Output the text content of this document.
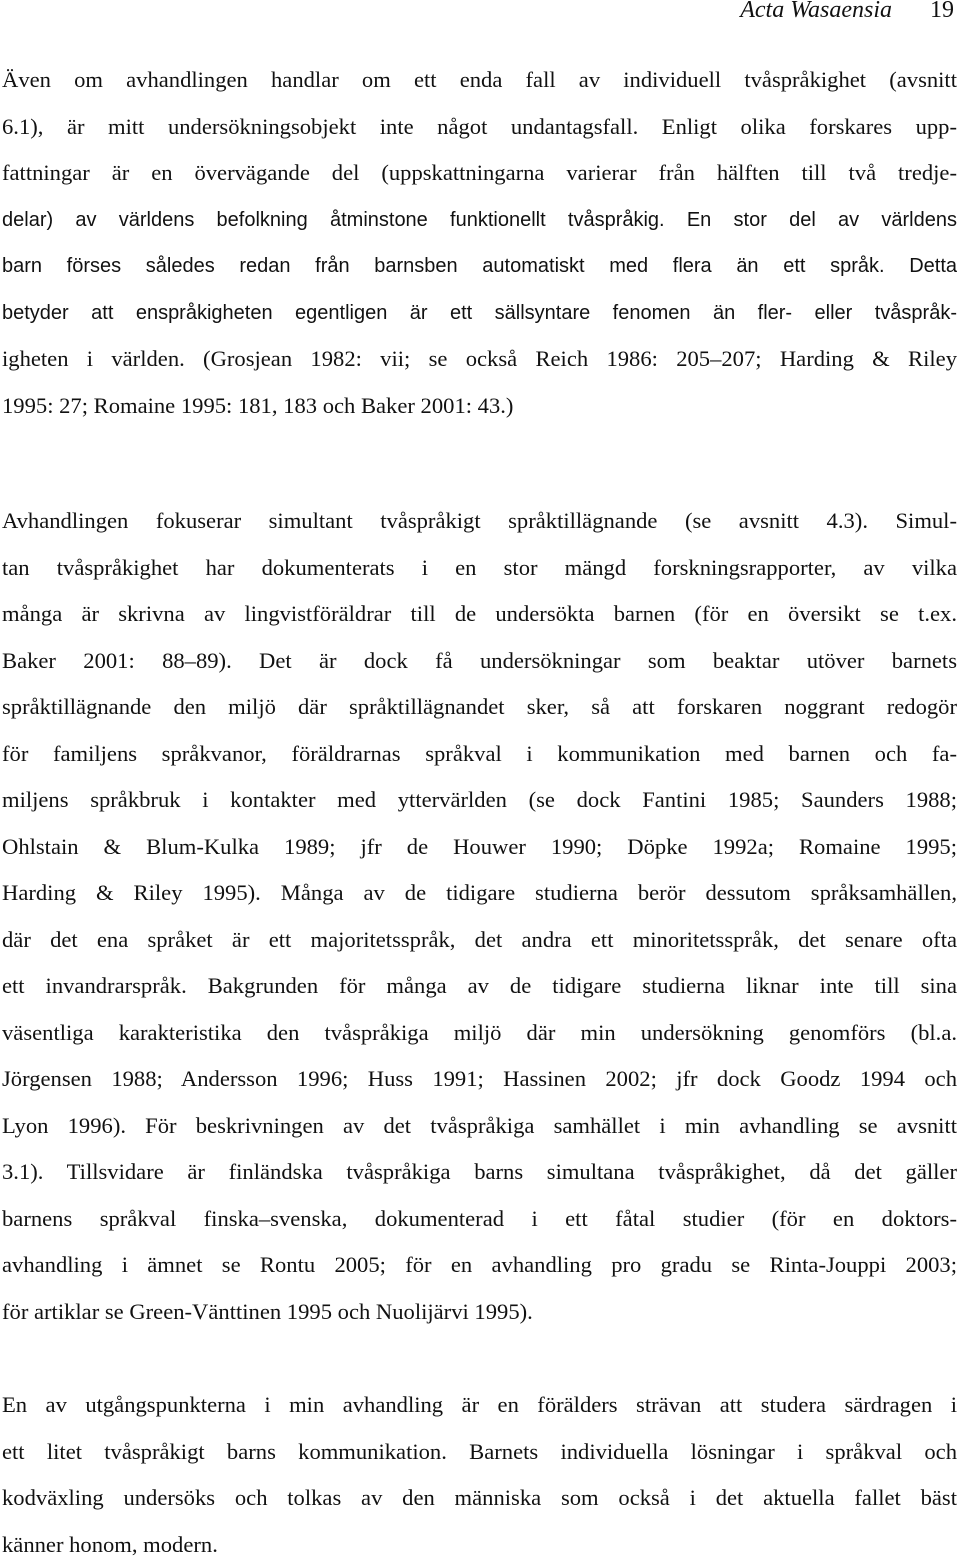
Acta Wasaensia 19
Även om avhandlingen handlar om ett enda fall av individuell tvåspråkighet (avsnitt
6.1), är mitt undersökningsobjekt inte något undantagsfall. Enligt olika forskares upp-
fattningar är en övervägande del (uppskattningarna varierar från hälften till två tredje-
delar) av världens befolkning åtminstone funktionellt tvåspråkig. En stor del av världens
barn förses således redan från barnsben automatiskt med flera än ett språk. Detta
betyder att enspråkigheten egentligen är ett sällsyntare fenomen än fler- eller tvåspråk-
igheten i världen. (Grosjean 1982: vii; se också Reich 1986: 205–207; Harding & Riley
1995: 27; Romaine 1995: 181, 183 och Baker 2001: 43.)
Avhandlingen fokuserar simultant tvåspråkigt språktillägnande (se avsnitt 4.3). Simul-
tan tvåspråkighet har dokumenterats i en stor mängd forskningsrapporter, av vilka
många är skrivna av lingvistföräldrar till de undersökta barnen (för en översikt se t.ex.
Baker 2001: 88–89). Det är dock få undersökningar som beaktar utöver barnets
språktillägnande den miljö där språktillägnandet sker, så att forskaren noggrant redogör
för familjens språkvanor, föräldrarnas språkval i kommunikation med barnen och fa-
miljens språkbruk i kontakter med yttervärlden (se dock Fantini 1985; Saunders 1988;
Ohlstain & Blum-Kulka 1989; jfr de Houwer 1990; Döpke 1992a; Romaine 1995;
Harding & Riley 1995). Många av de tidigare studierna berör dessutom språksamhällen,
där det ena språket är ett majoritetsspråk, det andra ett minoritetsspråk, det senare ofta
ett invandrarspråk. Bakgrunden för många av de tidigare studierna liknar inte till sina
väsentliga karakteristika den tvåspråkiga miljö där min undersökning genomförs (bl.a.
Jörgensen 1988; Andersson 1996; Huss 1991; Hassinen 2002; jfr dock Goodz 1994 och
Lyon 1996). För beskrivningen av det tvåspråkiga samhället i min avhandling se avsnitt
3.1). Tillsvidare är finländska tvåspråkiga barns simultana tvåspråkighet, då det gäller
barnens språkval finska–svenska, dokumenterad i ett fåtal studier (för en doktors-
avhandling i ämnet se Rontu 2005; för en avhandling pro gradu se Rinta-Jouppi 2003;
för artiklar se Green-Vänttinen 1995 och Nuolijärvi 1995).
En av utgångspunkterna i min avhandling är en förälders strävan att studera särdragen i
ett litet tvåspråkigt barns kommunikation. Barnets individuella lösningar i språkval och
kodväxling undersöks och tolkas av den människa som också i det aktuella fallet bäst
känner honom, modern.
